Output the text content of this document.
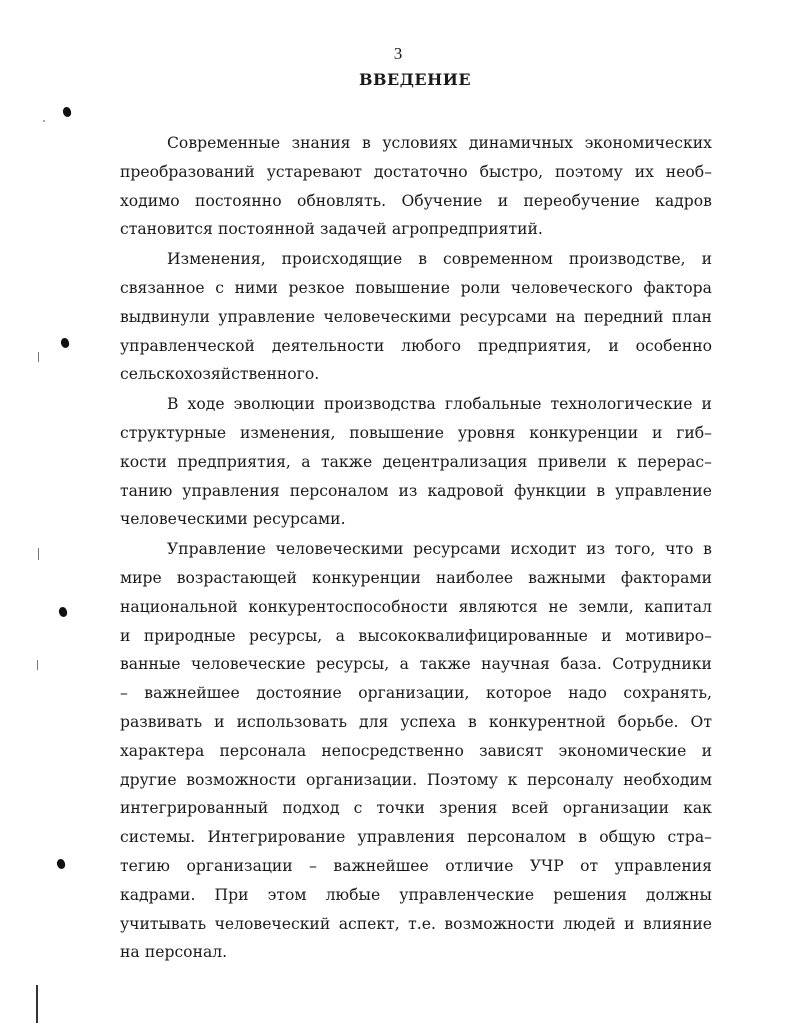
3
ВВЕДЕНИЕ
Современные знания в условиях динамичных экономических
преобразований устаревают достаточно быстро, поэтому их необ–
ходимо постоянно обновлять. Обучение и переобучение кадров
становится постоянной задачей агропредприятий.
Изменения, происходящие в современном производстве, и
связанное с ними резкое повышение роли человеческого фактора
выдвинули управление человеческими ресурсами на передний план
управленческой деятельности любого предприятия, и особенно
сельскохозяйственного.
В ходе эволюции производства глобальные технологические и
структурные изменения, повышение уровня конкуренции и гиб–
кости предприятия, а также децентрализация привели к перерас–
танию управления персоналом из кадровой функции в управление
человеческими ресурсами.
Управление человеческими ресурсами исходит из того, что в
мире возрастающей конкуренции наиболее важными факторами
национальной конкурентоспособности являются не земли, капитал
и природные ресурсы, а высококвалифицированные и мотивиро–
ванные человеческие ресурсы, а также научная база. Сотрудники
– важнейшее достояние организации, которое надо сохранять,
развивать и использовать для успеха в конкурентной борьбе. От
характера персонала непосредственно зависят экономические и
другие возможности организации. Поэтому к персоналу необходим
интегрированный подход с точки зрения всей организации как
системы. Интегрирование управления персоналом в общую стра–
тегию организации – важнейшее отличие УЧР от управления
кадрами. При этом любые управленческие решения должны
учитывать человеческий аспект, т.е. возможности людей и влияние
на персонал.
